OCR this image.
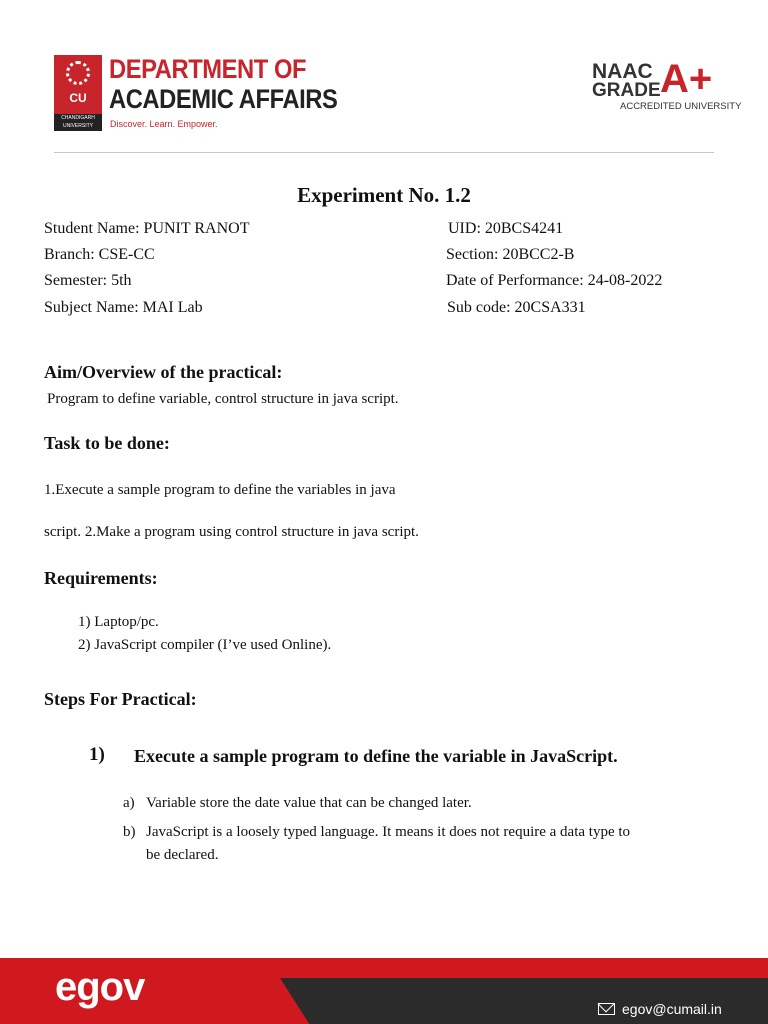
CU
CHANDIGARH UNIVERSITY
DEPARTMENT OF
ACADEMIC AFFAIRS
Discover. Learn. Empower.
NAAC
GRADE A+
ACCREDITED UNIVERSITY
Experiment No. 1.2
Student Name: PUNIT RANOT	UID: 20BCS4241
Branch: CSE-CC	Section: 20BCC2-B
Semester: 5th	Date of Performance: 24-08-2022
Subject Name: MAI Lab	Sub code: 20CSA331
Aim/Overview of the practical:
Program to define variable, control structure in java script.
Task to be done:
1.Execute a sample program to define the variables in java
script. 2.Make a program using control structure in java script.
Requirements:
1) Laptop/pc.
2) JavaScript compiler (I’ve used Online).
Steps For Practical:
1) Execute a sample program to define the variable in JavaScript.
a) Variable store the date value that can be changed later.
b) JavaScript is a loosely typed language. It means it does not require a data type to
be declared.
egov	egov@cumail.in
